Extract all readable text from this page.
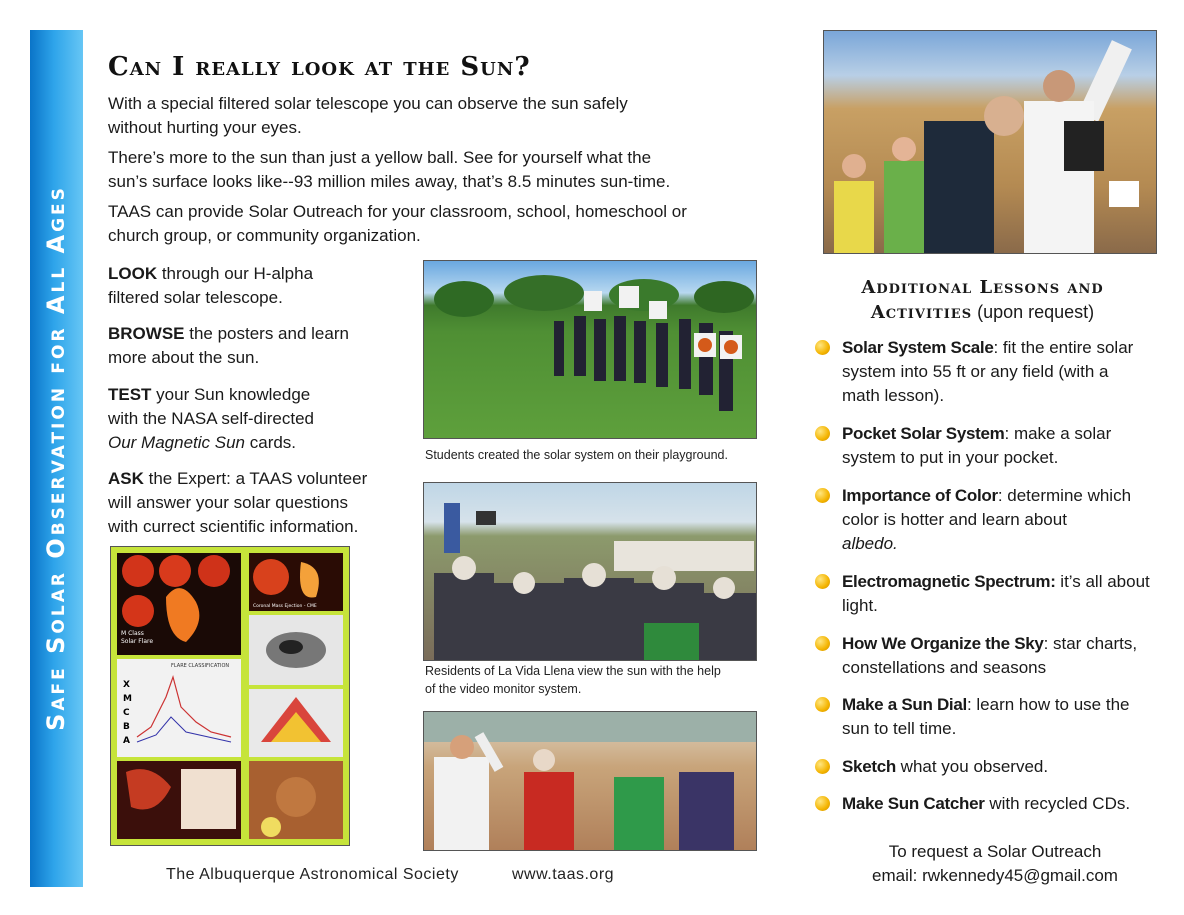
Safe Solar Observation for All Ages
Can I really look at the Sun?

With a special filtered solar telescope you can observe the sun safely

without hurting your eyes.

There’s more to the sun than just a yellow ball. See for yourself what the

sun’s surface looks like--93 million miles away, that’s 8.5 minutes sun-time.

TAAS can provide Solar Outreach for your classroom, school, homeschool or

church group, or community organization.

LOOK through our H-alpha
filtered solar telescope.
BROWSE the posters and learn
more about the sun.
TEST your Sun knowledge
with the NASA self-directed
Our Magnetic Sun cards.
ASK the Expert: a TAAS volunteer
will answer your solar questions
with currect scientific information.
M Class
Solar Flare
Coronal Mass Ejection - CME
FLARE CLASSIFICATION
X
M
C
B
A
Students created the solar system on their playground.
Residents of La Vida Llena view the sun with the help
of the video monitor system.
Additional Lessons and
Activities (upon request)
Solar System Scale: fit the entire solar
system into 55 ft or any field (with a
math lesson).
Pocket Solar System: make a solar
system to put in your pocket.
Importance of Color: determine which
color is hotter and learn about
albedo.
Electromagnetic Spectrum: it’s all about
light.
How We Organize the Sky: star charts,
constellations and seasons
Make a Sun Dial: learn how to use the
sun to tell time.
Sketch what you observed.
Make Sun Catcher with recycled CDs.
To request a Solar Outreach
email: rwkennedy45@gmail.com
The Albuquerque Astronomical Society	www.taas.org
